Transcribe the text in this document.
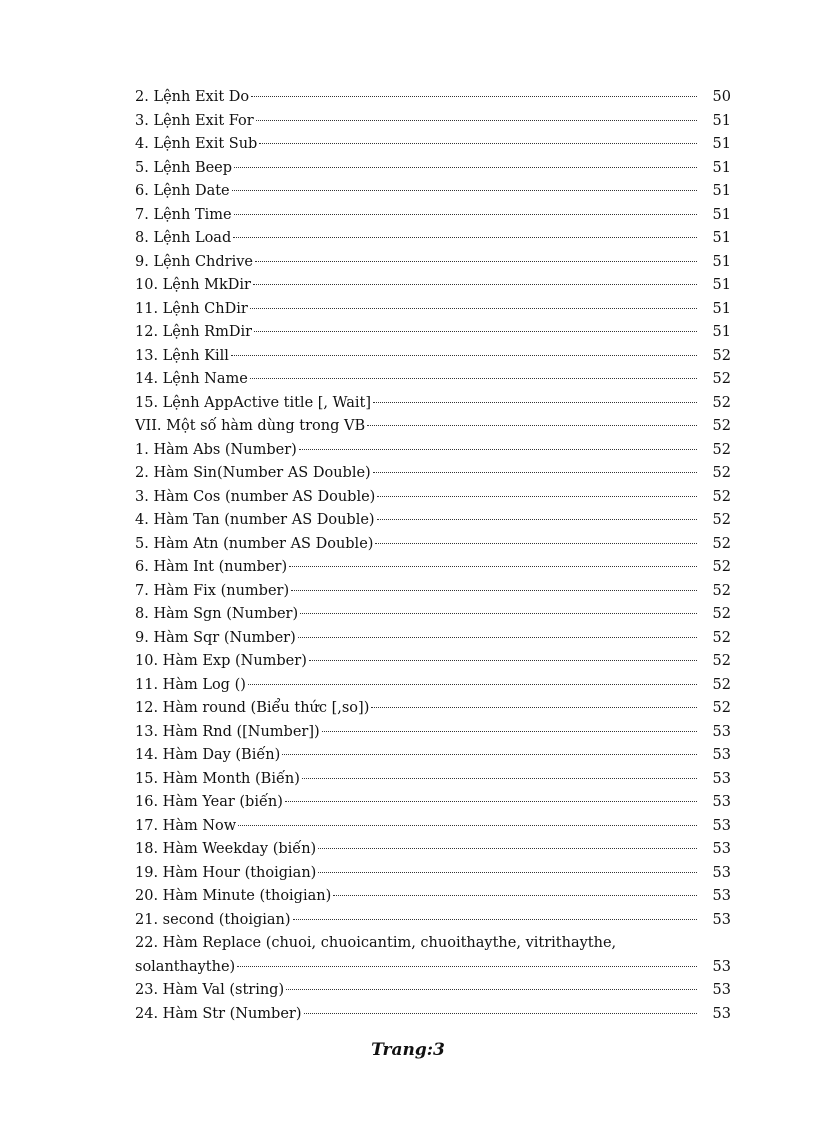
2. Lệnh Exit Do	50
3. Lệnh Exit For	51
4. Lệnh Exit Sub	51
5. Lệnh Beep	51
6. Lệnh Date	51
7. Lệnh Time	51
8. Lệnh Load	51
9. Lệnh Chdrive	51
10. Lệnh MkDir	51
11. Lệnh ChDir	51
12. Lệnh RmDir	51
13. Lệnh Kill	52
14. Lệnh Name	52
15. Lệnh AppActive title [, Wait]	52
VII. Một số hàm dùng trong VB	52
1. Hàm Abs (Number)	52
2. Hàm Sin(Number AS Double)	52
3. Hàm Cos (number AS Double)	52
4. Hàm Tan (number AS Double)	52
5. Hàm Atn (number AS Double)	52
6. Hàm Int (number)	52
7. Hàm Fix (number)	52
8. Hàm Sgn (Number)	52
9. Hàm Sqr (Number)	52
10. Hàm Exp (Number)	52
11. Hàm Log ()	52
12. Hàm round (Biểu thức [,so])	52
13. Hàm Rnd ([Number])	53
14. Hàm Day (Biến)	53
15. Hàm Month (Biến)	53
16. Hàm Year (biến)	53
17. Hàm Now	53
18. Hàm Weekday (biến)	53
19. Hàm Hour (thoigian)	53
20. Hàm Minute (thoigian)	53
21. second (thoigian)	53
22. Hàm Replace (chuoi, chuoicantim, chuoithaythe, vitrithaythe,
solanthaythe)	53
23. Hàm Val (string)	53
24. Hàm Str (Number)	53
Trang:3
